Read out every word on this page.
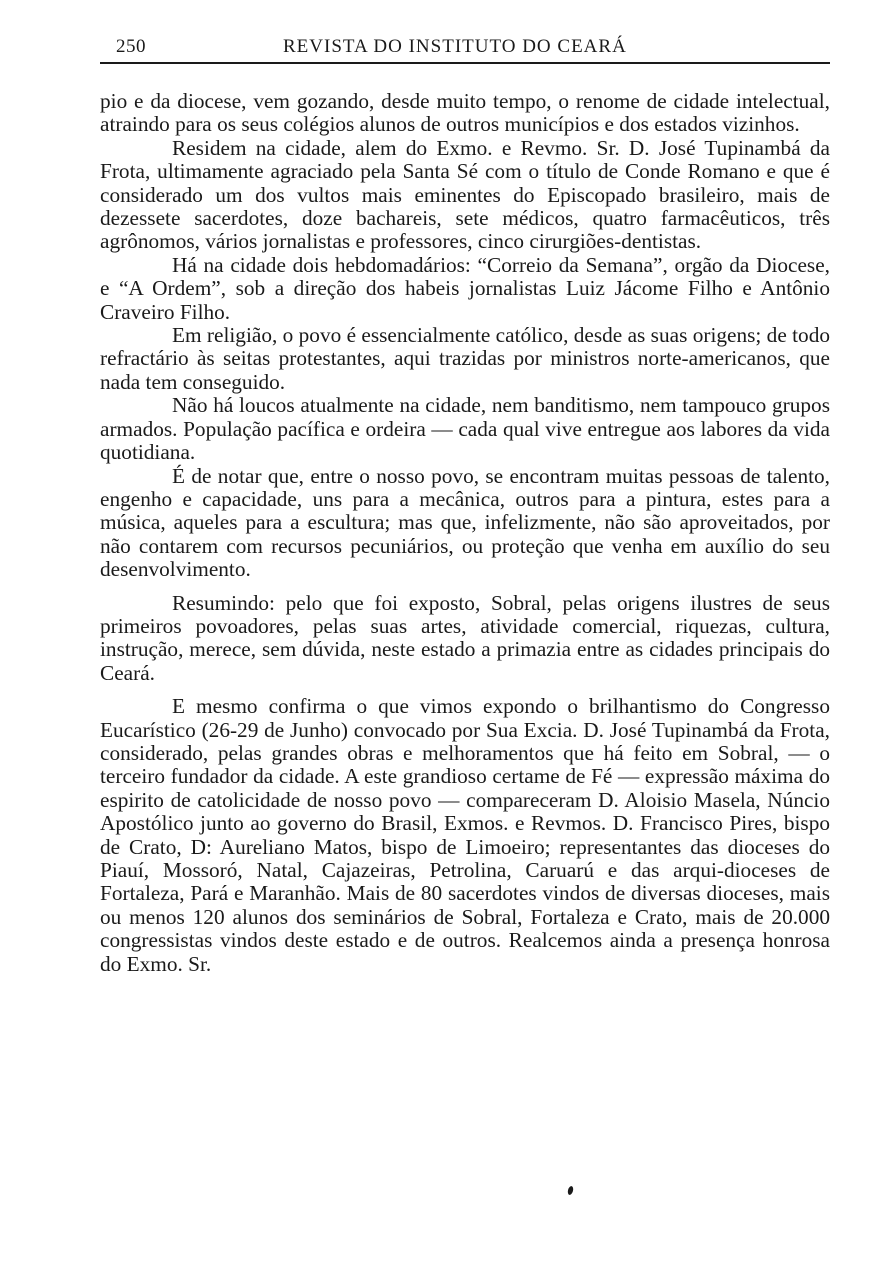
250	REVISTA DO INSTITUTO DO CEARÁ

pio e da diocese, vem gozando, desde muito tempo, o renome de cidade intelectual, atraindo para os seus colégios alunos de outros municípios e dos estados vizinhos.

Residem na cidade, alem do Exmo. e Revmo. Sr. D. José Tupinambá da Frota, ultimamente agraciado pela Santa Sé com o título de Conde Romano e que é considerado um dos vultos mais eminentes do Episcopado brasileiro, mais de dezessete sacerdotes, doze bachareis, sete médicos, quatro farmacêuticos, três agrônomos, vários jornalistas e professores, cinco cirurgiões-dentistas.

Há na cidade dois hebdomadários: “Correio da Semana”, orgão da Diocese, e “A Ordem”, sob a direção dos habeis jornalistas Luiz Jácome Filho e Antônio Craveiro Filho.

Em religião, o povo é essencialmente católico, desde as suas origens; de todo refractário às seitas protestantes, aqui trazidas por ministros norte-americanos, que nada tem conseguido.

Não há loucos atualmente na cidade, nem banditismo, nem tampouco grupos armados. População pacífica e ordeira — cada qual vive entregue aos labores da vida quotidiana.

É de notar que, entre o nosso povo, se encontram muitas pessoas de talento, engenho e capacidade, uns para a mecânica, outros para a pintura, estes para a música, aqueles para a escultura; mas que, infelizmente, não são aproveitados, por não contarem com recursos pecuniários, ou proteção que venha em auxílio do seu desenvolvimento.

Resumindo: pelo que foi exposto, Sobral, pelas origens ilustres de seus primeiros povoadores, pelas suas artes, atividade comercial, riquezas, cultura, instrução, merece, sem dúvida, neste estado a primazia entre as cidades principais do Ceará.

E mesmo confirma o que vimos expondo o brilhantismo do Congresso Eucarístico (26-29 de Junho) convocado por Sua Excia. D. José Tupinambá da Frota, considerado, pelas grandes obras e melhoramentos que há feito em Sobral, — o terceiro fundador da cidade. A este grandioso certame de Fé — expressão máxima do espirito de catolicidade de nosso povo — compareceram D. Aloisio Masela, Núncio Apostólico junto ao governo do Brasil, Exmos. e Revmos. D. Francisco Pires, bispo de Crato, D: Aureliano Matos, bispo de Limoeiro; representantes das dioceses do Piauí, Mossoró, Natal, Cajazeiras, Petrolina, Caruarú e das arqui-dioceses de Fortaleza, Pará e Maranhão. Mais de 80 sacerdotes vindos de diversas dioceses, mais ou menos 120 alunos dos seminários de Sobral, Fortaleza e Crato, mais de 20.000 congressistas vindos deste estado e de outros. Realcemos ainda a presença honrosa do Exmo. Sr.
